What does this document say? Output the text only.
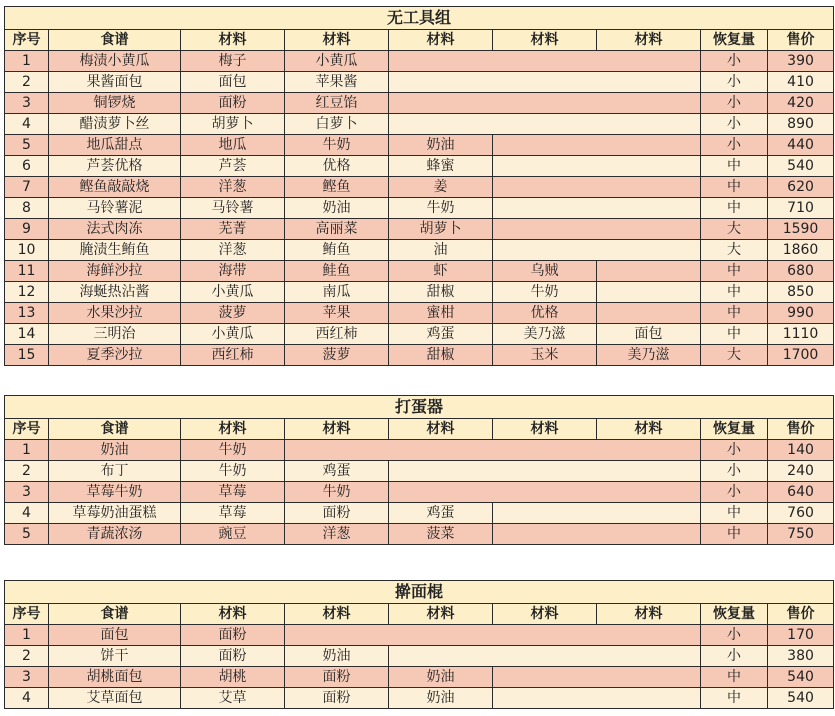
无工具组								
序号	食谱	材料	材料	材料	材料	材料	恢复量	售价
1	梅渍小黄瓜	梅子	小黄瓜				小	390
2	果酱面包	面包	苹果酱				小	410
3	铜锣烧	面粉	红豆馅				小	420
4	醋渍萝卜丝	胡萝卜	白萝卜				小	890
5	地瓜甜点	地瓜	牛奶	奶油			小	440
6	芦荟优格	芦荟	优格	蜂蜜			中	540
7	鲣鱼敲敲烧	洋葱	鲣鱼	姜			中	620
8	马铃薯泥	马铃薯	奶油	牛奶			中	710
9	法式肉冻	芜菁	高丽菜	胡萝卜			大	1590
10	腌渍生鲔鱼	洋葱	鲔鱼	油			大	1860
11	海鲜沙拉	海带	鲑鱼	虾	乌贼		中	680
12	海蜒热沾酱	小黄瓜	南瓜	甜椒	牛奶		中	850
13	水果沙拉	菠萝	苹果	蜜柑	优格		中	990
14	三明治	小黄瓜	西红柿	鸡蛋	美乃滋	面包	中	1110
15	夏季沙拉	西红柿	菠萝	甜椒	玉米	美乃滋	大	1700
打蛋器								
序号	食谱	材料	材料	材料	材料	材料	恢复量	售价
1	奶油	牛奶					小	140
2	布丁	牛奶	鸡蛋				小	240
3	草莓牛奶	草莓	牛奶				小	640
4	草莓奶油蛋糕	草莓	面粉	鸡蛋			中	760
5	青蔬浓汤	豌豆	洋葱	菠菜			中	750
擀面棍								
序号	食谱	材料	材料	材料	材料	材料	恢复量	售价
1	面包	面粉					小	170
2	饼干	面粉	奶油				小	380
3	胡桃面包	胡桃	面粉	奶油			中	540
4	艾草面包	艾草	面粉	奶油			中	540
